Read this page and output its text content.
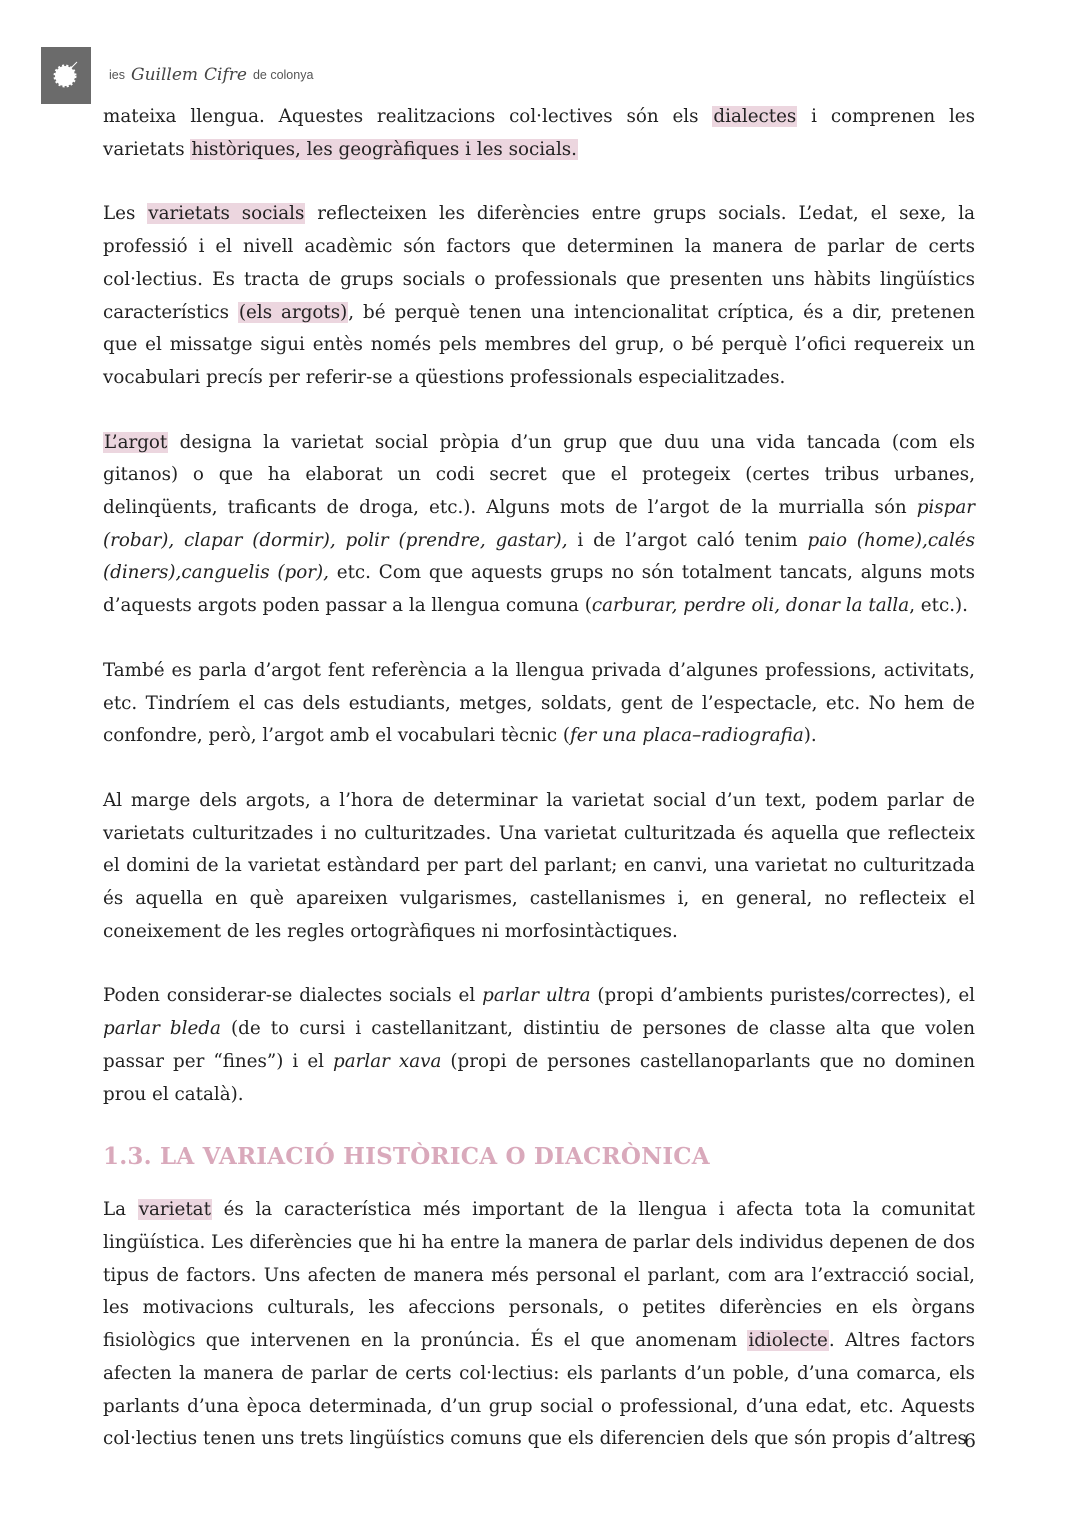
ies Guillem Cifre de colonya

mateixa llengua. Aquestes realitzacions col·lectives són els dialectes i comprenen les varietats històriques, les geogràfiques i les socials.

Les varietats socials reflecteixen les diferències entre grups socials. L’edat, el sexe, la professió i el nivell acadèmic són factors que determinen la manera de parlar de certs col·lectius. Es tracta de grups socials o professionals que presenten uns hàbits lingüístics característics (els argots), bé perquè tenen una intencionalitat críptica, és a dir, pretenen que el missatge sigui entès només pels membres del grup, o bé perquè l’ofici requereix un vocabulari precís per referir-se a qüestions professionals especialitzades.

L’argot designa la varietat social pròpia d’un grup que duu una vida tancada (com els gitanos) o que ha elaborat un codi secret que el protegeix (certes tribus urbanes, delinqüents, traficants de droga, etc.). Alguns mots de l’argot de la murrialla són pispar (robar), clapar (dormir), polir (prendre, gastar), i de l’argot caló tenim paio (home),calés (diners),canguelis (por), etc. Com que aquests grups no són totalment tancats, alguns mots d’aquests argots poden passar a la llengua comuna (carburar, perdre oli, donar la talla, etc.).

També es parla d’argot fent referència a la llengua privada d’algunes professions, activitats, etc. Tindríem el cas dels estudiants, metges, soldats, gent de l’espectacle, etc. No hem de confondre, però, l’argot amb el vocabulari tècnic (fer una placa–radiografia).

Al marge dels argots, a l’hora de determinar la varietat social d’un text, podem parlar de varietats culturitzades i no culturitzades. Una varietat culturitzada és aquella que reflecteix el domini de la varietat estàndard per part del parlant; en canvi, una varietat no culturitzada és aquella en què apareixen vulgarismes, castellanismes i, en general, no reflecteix el coneixement de les regles ortogràfiques ni morfosintàctiques.

Poden considerar-se dialectes socials el parlar ultra (propi d’ambients puristes/correctes), el parlar bleda (de to cursi i castellanitzant, distintiu de persones de classe alta que volen passar per “fines”) i el parlar xava (propi de persones castellanoparlants que no dominen prou el català).

1.3. LA VARIACIÓ HISTÒRICA O DIACRÒNICA

La varietat és la característica més important de la llengua i afecta tota la comunitat lingüística. Les diferències que hi ha entre la manera de parlar dels individus depenen de dos tipus de factors. Uns afecten de manera més personal el parlant, com ara l’extracció social, les motivacions culturals, les afeccions personals, o petites diferències en els òrgans fisiològics que intervenen en la pronúncia. És el que anomenam idiolecte. Altres factors afecten la manera de parlar de certs col·lectius: els parlants d’un poble, d’una comarca, els parlants d’una època determinada, d’un grup social o professional, d’una edat, etc. Aquests col·lectius tenen uns trets lingüístics comuns que els diferencien dels que són propis d’altres

6
